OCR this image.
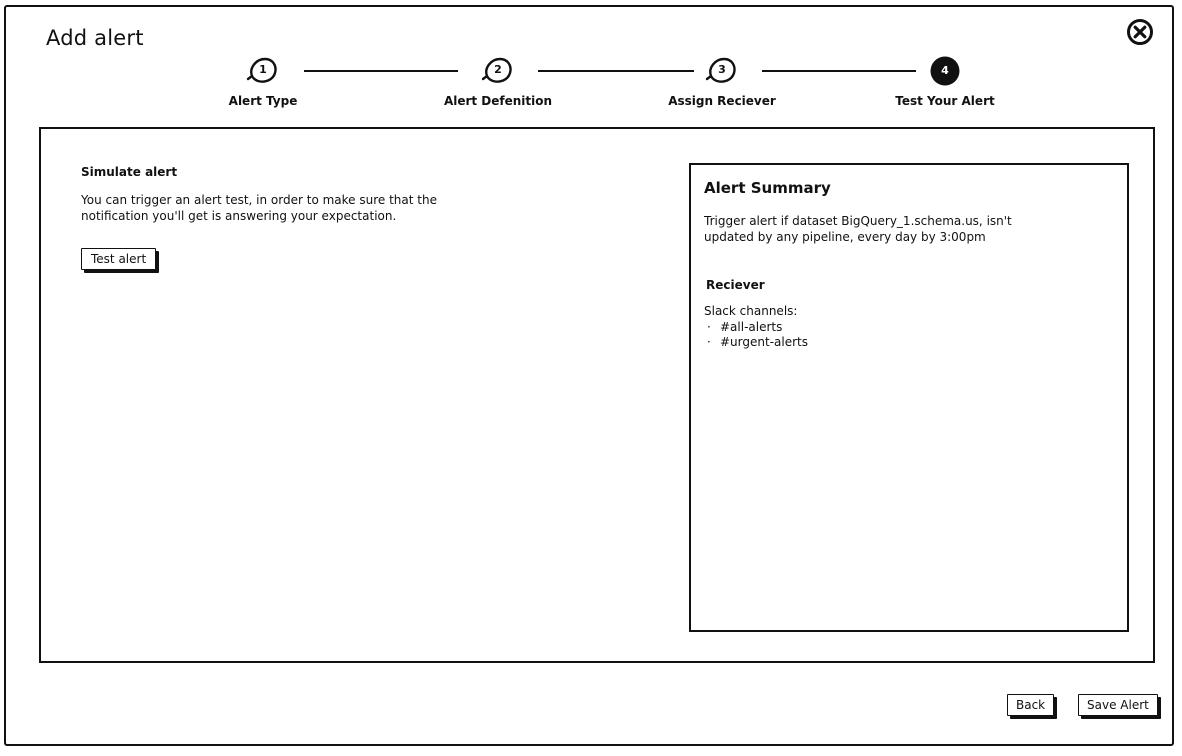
Add alert
1
Alert Type
2
Alert Defenition
3
Assign Reciever
4
Test Your Alert

Simulate alert

You can trigger an alert test, in order to make sure that the notification you'll get is answering your expectation.

Test alert
Alert Summary

Trigger alert if dataset BigQuery_1.schema.us, isn't updated by any pipeline, every day by 3:00pm

Reciever

Slack channels:

· #all-alerts
· #urgent-alerts
Back	Save Alert
